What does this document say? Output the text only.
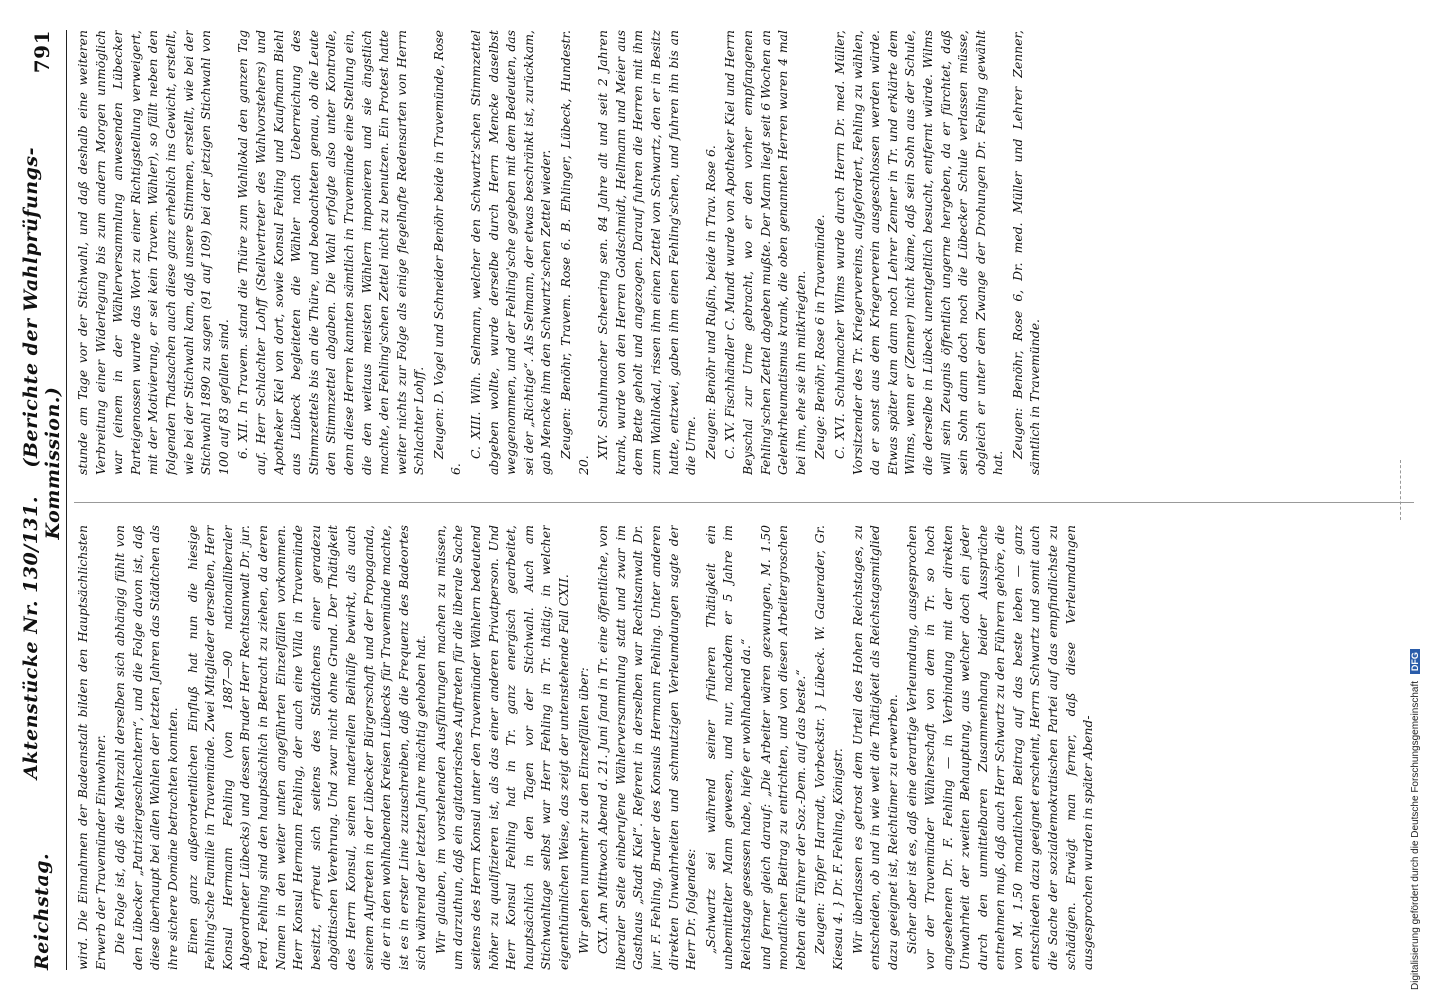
Reichstag.
Aktenstücke Nr. 130/131.    (Berichte der Wahlprüfungs-Kommission.)
791

wird. Die Einnahmen der Badeanstalt bilden den Hauptsächlichsten Erwerb der Travemünder Einwohner. Die Folge ist, daß die Mehrzahl derselben sich abhängig fühlt von den Lübecker „Patriziergeschlechtern“, und die Folge davon ist, daß diese überhaupt bei allen Wahlen der letzten Jahren das Städtchen als ihre sichere Domäne betrachten konnten. Einen ganz außerordentlichen Einfluß hat nun die hiesige Fehling'sche Familie in Travemünde. Zwei Mitglieder derselben, Herr Konsul Hermann Fehling (von 1887—90 nationalliberaler Abgeordneter Lübecks) und dessen Bruder Herr Rechtsanwalt Dr. jur. Ferd. Fehling sind den hauptsächlich in Betracht zu ziehen, da deren Namen in den weiter unten angeführten Einzelfällen vorkommen. Herr Konsul Hermann Fehling, der auch eine Villa in Travemünde besitzt, erfreut sich seitens des Städtchens einer geradezu abgöttischen Verehrung. Und zwar nicht ohne Grund. Der Thätigkeit des Herrn Konsul, seinen materiellen Beihülfe bewirkt, als auch seinem Auftreten in der Lübecker Bürgerschaft und der Propaganda, die er in den wohlhabenden Kreisen Lübecks für Travemünde machte, ist es in erster Linie zuzuschreiben, daß die Frequenz des Badeortes sich während der letzten Jahre mächtig gehoben hat. Wir glauben, im vorstehenden Ausführungen machen zu müssen, um darzuthun, daß ein agitatorisches Auftreten für die liberale Sache seitens des Herrn Konsul unter den Travemünder Wählern bedeutend höher zu qualifizieren ist, als das einer anderen Privatperson. Und Herr Konsul Fehling hat in Tr. ganz energisch gearbeitet, hauptsächlich in den Tagen vor der Stichwahl. Auch am Stichwahltage selbst war Herr Fehling in Tr. thätig; in welcher eigenthümlichen Weise, das zeigt der untenstehende Fall CXII. Wir gehen nunmehr zu den Einzelfällen über: CXI. Am Mittwoch Abend d. 21. Juni fand in Tr. eine öffentliche, von liberaler Seite einberufene Wählerversammlung statt und zwar im Gasthaus „Stadt Kiel“. Referent in derselben war Rechtsanwalt Dr. jur. F. Fehling, Bruder des Konsuls Hermann Fehling. Unter anderen direkten Unwahrheiten und schmutzigen Verleumdungen sagte der Herr Dr. folgendes: „Schwartz sei während seiner früheren Thätigkeit ein unbemittelter Mann gewesen, und nur, nachdem er 5 Jahre im Reichstage gesessen habe, hiefe er wohlhabend da.“ und ferner gleich darauf: „Die Arbeiter wären gezwungen, M. 1.50 monatlichen Beitrag zu entrichten, und von diesen Arbeitergroschen lebten die Führer der Soz.-Dem. auf das beste.“ Zeugen: Töpfer Harradt, Vorbeckstr. } Lübeck. W. Gauerader, Gr. Kiesau 4. } Dr. F. Fehling, Königstr. Wir überlassen es getrost dem Urteil des Hohen Reichstages, zu entscheiden, ob und in wie weit die Thätigkeit als Reichstagsmitglied dazu geeignet ist, Reichtümer zu erwerben. Sicher aber ist es, daß eine derartige Verleumdung, ausgesprochen vor der Travemünder Wählerschaft von dem in Tr. so hoch angesehenen Dr. F. Fehling — in Verbindung mit der direkten Unwahrheit der zweiten Behauptung, aus welcher doch ein jeder durch den unmittelbaren Zusammenhang beider Aussprüche entnehmen muß, daß auch Herr Schwartz zu den Führern gehöre, die von M. 1.50 monatlichen Beitrag auf das beste leben — ganz entschieden dazu geeignet erscheint, Herrn Schwartz und somit auch die Sache der sozialdemokratischen Partei auf das empfindlichste zu schädigen. Erwägt man ferner, daß diese Verleumdungen ausgesprochen wurden in später Abend-

stunde am Tage vor der Stichwahl, und daß deshalb eine weiteren Verbreitung einer Widerlegung bis zum andern Morgen unmöglich war (einem in der Wählerversammlung anwesenden Lübecker Parteigenossen wurde das Wort zu einer Richtigstellung verweigert, mit der Motivierung, er sei kein Travem. Wähler), so fällt neben den folgenden Thatsachen auch diese ganz erheblich ins Gewicht, erstellt, wie bei der Stichwahl kam, daß unsere Stimmen, erstellt, wie bei der Stichwahl 1890 zu sagen (91 auf 109) bei der jetzigen Stichwahl von 100 auf 83 gefallen sind. 6. XII. In Travem. stand die Thüre zum Wahllokal den ganzen Tag auf. Herr Schlachter Lohff (Stellvertreter des Wahlvorstehers) und Apotheker Kiel von dort, sowie Konsul Fehling und Kaufmann Biehl aus Lübeck begleiteten die Wähler nach Ueberreichung des Stimmzettels bis an die Thüre, und beobachteten genau, ob die Leute den Stimmzettel abgaben. Die Wahl erfolgte also unter Kontrolle, denn diese Herren kannten sämtlich in Travemünde eine Stellung ein, die den weitaus meisten Wählern imponieren und sie ängstlich machte, den Fehling'schen Zettel nicht zu benutzen. Ein Protest hatte weiter nichts zur Folge als einige flegelhafte Redensarten von Herrn Schlachter Lohff. Zeugen: D. Vogel und Schneider Benöhr beide in Travemünde, Rose 6.

C. XIII. Wilh. Selmann, welcher den Schwartz'schen Stimmzettel abgeben wollte, wurde derselbe durch Herrn Mencke daselbst weggenommen, und der Fehling'sche gegeben mit dem Bedeuten, das sei der „Richtige“. Als Selmann, der etwas beschränkt ist, zurückkam, gab Mencke ihm den Schwartz'schen Zettel wieder. Zeugen: Benöhr, Travem. Rose 6. B. Ehlinger, Lübeck, Hundestr. 20.

XIV. Schuhmacher Scheering sen. 84 Jahre alt und seit 2 Jahren krank, wurde von den Herren Goldschmidt, Hellmann und Meier aus dem Bette geholt und angezogen. Darauf fuhren die Herren mit ihm zum Wahllokal, rissen ihm einen Zettel von Schwartz, den er in Besitz hatte, entzwei, gaben ihm einen Fehling'schen, und fuhren ihn bis an die Urne. Zeugen: Benöhr und Rußin, beide in Trav. Rose 6. C. XV. Fischhändler C. Mundt wurde von Apotheker Kiel und Herrn Beyschal zur Urne gebracht, wo er den vorher empfangenen Fehling'schen Zettel abgeben mußte. Der Mann liegt seit 6 Wochen an Gelenkrheumatismus krank, die oben genannten Herren waren 4 mal bei ihm, ehe sie ihn mitkriegten. Zeuge: Benöhr, Rose 6 in Travemünde. C. XVI. Schuhmacher Wilms wurde durch Herrn Dr. med. Müller, Vorsitzender des Tr. Kriegervereins, aufgefordert, Fehling zu wählen, da er sonst aus dem Kriegerverein ausgeschlossen werden würde. Etwas später kam dann noch Lehrer Zenner in Tr. und erklärte dem Wilms, wenn er (Zenner) nicht käme, daß sein Sohn aus der Schule, die derselbe in Lübeck unentgeltlich besucht, entfernt würde. Wilms will sein Zeugnis öffentlich ungerne hergeben, da er fürchtet, daß sein Sohn dann doch noch die Lübecker Schule verlassen müsse, obgleich er unter dem Zwange der Drohungen Dr. Fehling gewählt hat.

Zeugen: Benöhr, Rose 6, Dr. med. Müller und Lehrer Zenner, sämtlich in Travemünde.

Digitalisierung gefördert durch die Deutsche Forschungsgemeinschaft DFG
